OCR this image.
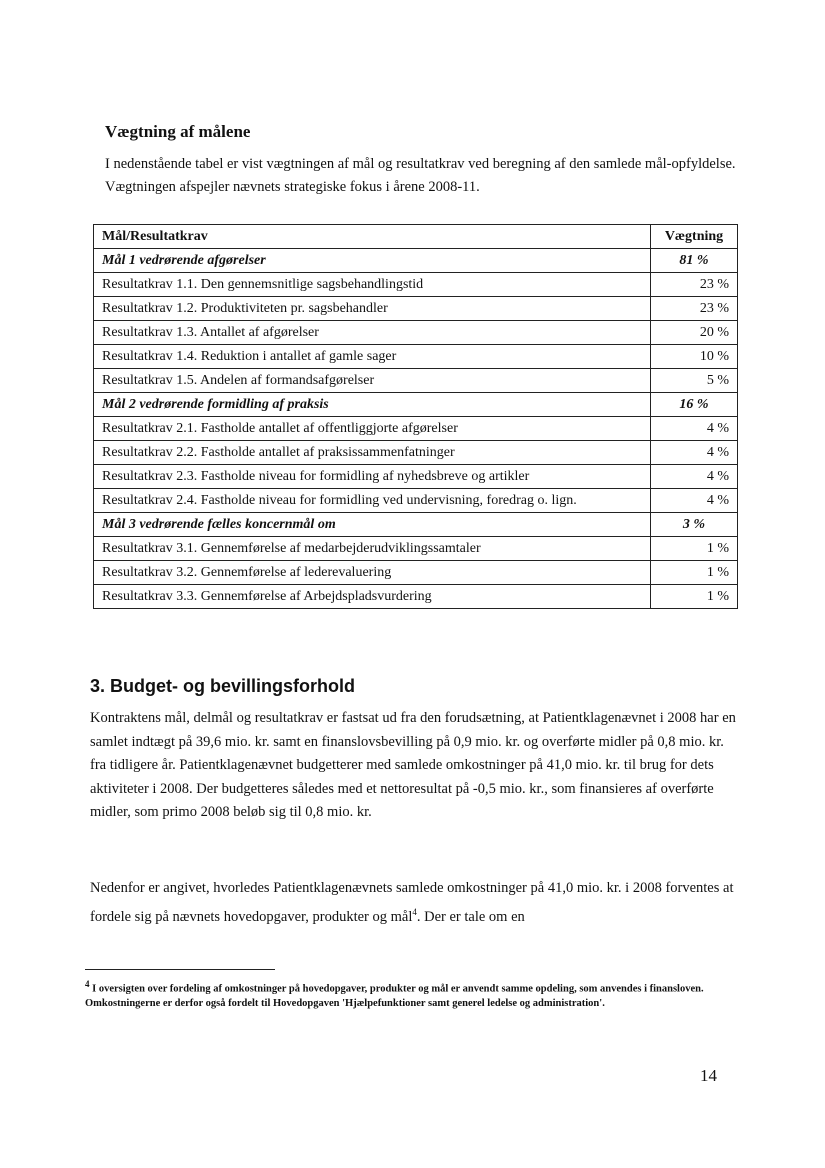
Vægtning af målene

I nedenstående tabel er vist vægtningen af mål og resultatkrav ved beregning af den samlede mål-opfyldelse. Vægtningen afspejler nævnets strategiske fokus i årene 2008-11.

Mål/Resultatkrav	Vægtning
Mål 1 vedrørende afgørelser	81 %
Resultatkrav 1.1. Den gennemsnitlige sagsbehandlingstid	23 %
Resultatkrav 1.2. Produktiviteten pr. sagsbehandler	23 %
Resultatkrav 1.3. Antallet af afgørelser	20 %
Resultatkrav 1.4. Reduktion i antallet af gamle sager	10 %
Resultatkrav 1.5. Andelen af formandsafgørelser	5 %
Mål 2 vedrørende formidling af praksis	16 %
Resultatkrav 2.1. Fastholde antallet af offentliggjorte afgørelser	4 %
Resultatkrav 2.2. Fastholde antallet af praksissammenfatninger	4 %
Resultatkrav 2.3. Fastholde niveau for formidling af nyhedsbreve og artikler	4 %
Resultatkrav 2.4. Fastholde niveau for formidling ved undervisning, foredrag o. lign.	4 %
Mål 3 vedrørende fælles koncernmål om	3 %
Resultatkrav 3.1. Gennemførelse af medarbejderudviklingssamtaler	1 %
Resultatkrav 3.2. Gennemførelse af lederevaluering	1 %
Resultatkrav 3.3. Gennemførelse af Arbejdspladsvurdering	1 %
3. Budget- og bevillingsforhold

Kontraktens mål, delmål og resultatkrav er fastsat ud fra den forudsætning, at Patientklagenævnet i 2008 har en samlet indtægt på 39,6 mio. kr. samt en finanslovsbevilling på 0,9 mio. kr. og overførte midler på 0,8 mio. kr. fra tidligere år. Patientklagenævnet budgetterer med samlede omkostninger på 41,0 mio. kr. til brug for dets aktiviteter i 2008. Der budgetteres således med et nettoresultat på -0,5 mio. kr., som finansieres af overførte midler, som primo 2008 beløb sig til 0,8 mio. kr.

Nedenfor er angivet, hvorledes Patientklagenævnets samlede omkostninger på 41,0 mio. kr. i 2008 forventes at fordele sig på nævnets hovedopgaver, produkter og mål$^4$. Der er tale om en

$^4$ I oversigten over fordeling af omkostninger på hovedopgaver, produkter og mål er anvendt samme opdeling, som anvendes i finansloven. Omkostningerne er derfor også fordelt til Hovedopgaven 'Hjælpefunktioner samt generel ledelse og administration'.

14
